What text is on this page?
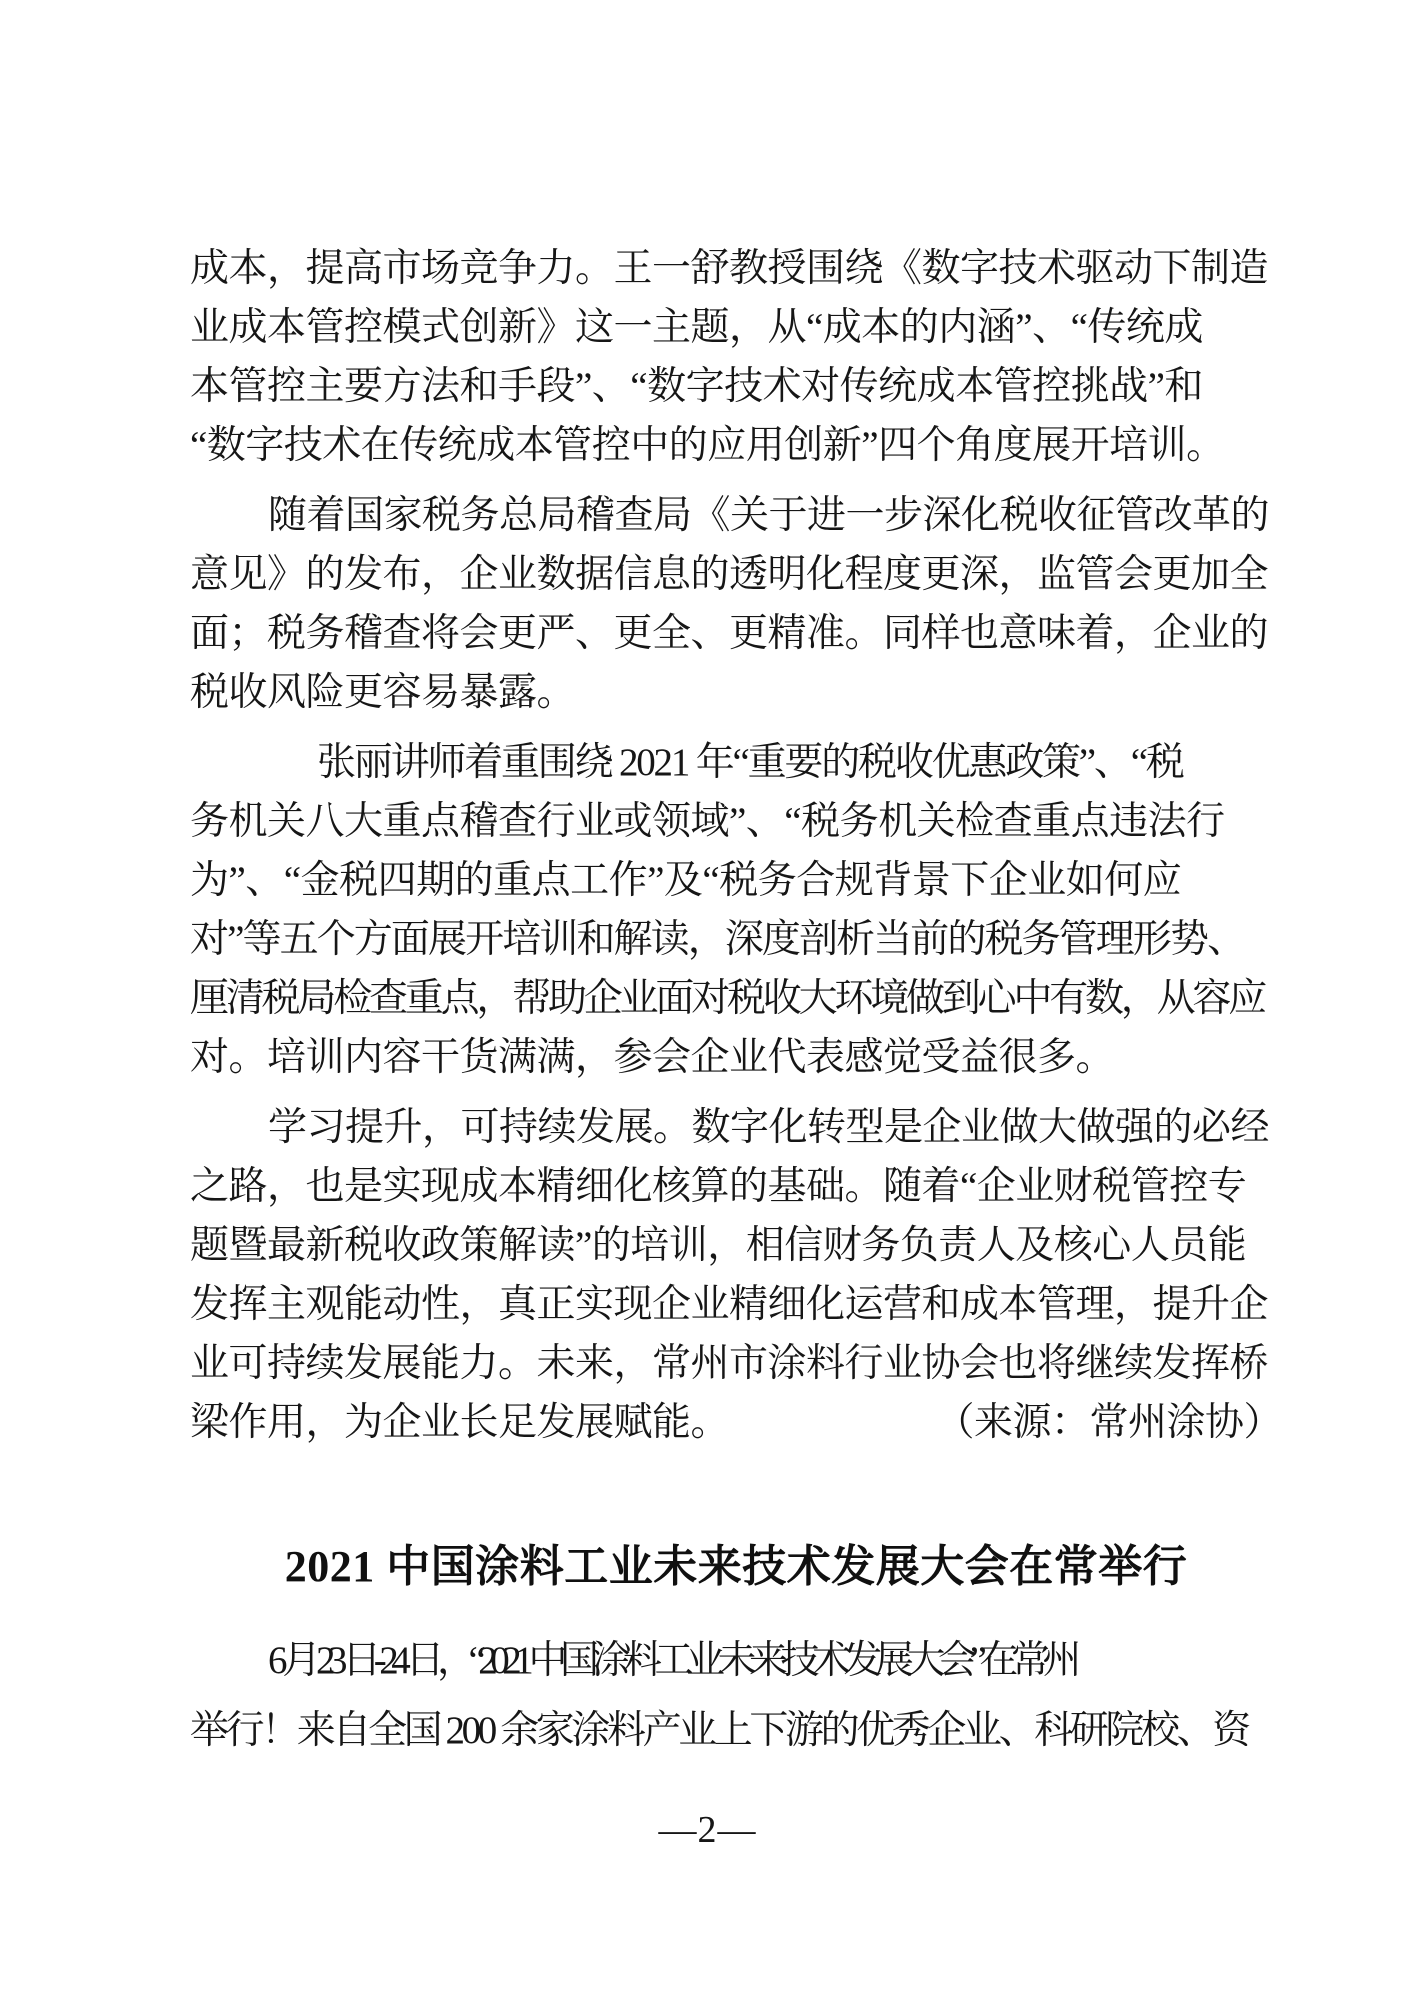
成本，提高市场竞争力。王一舒教授围绕《数字技术驱动下制造
业成本管控模式创新》这一主题，从“成本的内涵”、“传统成
本管控主要方法和手段”、“数字技术对传统成本管控挑战”和
“数字技术在传统成本管控中的应用创新”四个角度展开培训。
随着国家税务总局稽查局《关于进一步深化税收征管改革的
意见》的发布，企业数据信息的透明化程度更深，监管会更加全
面；税务稽查将会更严、更全、更精准。同样也意味着，企业的
税收风险更容易暴露。
张丽讲师着重围绕 2021 年“重要的税收优惠政策”、“税
务机关八大重点稽查行业或领域”、“税务机关检查重点违法行
为”、“金税四期的重点工作”及“税务合规背景下企业如何应
对”等五个方面展开培训和解读，深度剖析当前的税务管理形势、
厘清税局检查重点，帮助企业面对税收大环境做到心中有数，从容应
对。培训内容干货满满，参会企业代表感觉受益很多。
学习提升，可持续发展。数字化转型是企业做大做强的必经
之路，也是实现成本精细化核算的基础。随着“企业财税管控专
题暨最新税收政策解读”的培训，相信财务负责人及核心人员能
发挥主观能动性，真正实现企业精细化运营和成本管理，提升企
业可持续发展能力。未来，常州市涂料行业协会也将继续发挥桥
梁作用，为企业长足发展赋能。	（来源：常州涂协）
2021 中国涂料工业未来技术发展大会在常举行
6 月 23 日-24 日，“2021 中国涂料工业未来技术发展大会”在常州
举行！来自全国 200 余家涂料产业上下游的优秀企业、科研院校、资
—2—
